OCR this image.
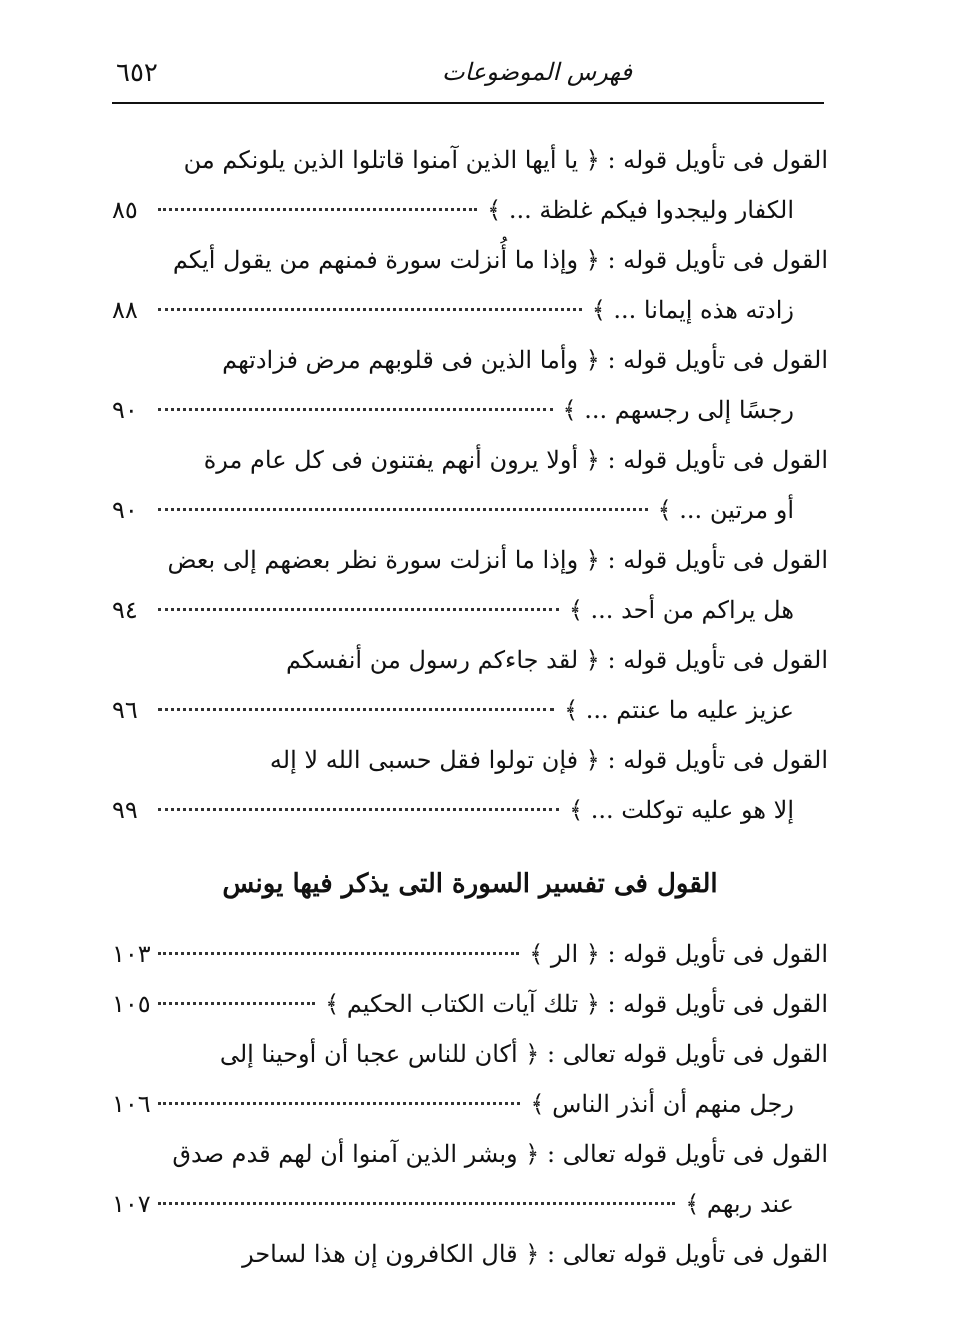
٦٥٢	فهرس الموضوعات
القول فى تأويل قوله : ﴿ يا أيها الذين آمنوا قاتلوا الذين يلونكم من
الكفار وليجدوا فيكم غلظة ... ﴾
٨٥
القول فى تأويل قوله : ﴿ وإذا ما أُنزلت سورة فمنهم من يقول أيكم
زادته هذه إيمانا ... ﴾
٨٨
القول فى تأويل قوله : ﴿ وأما الذين فى قلوبهم مرض فزادتهم
رجسًا إلى رجسهم ... ﴾
٩٠
القول فى تأويل قوله : ﴿ أولا يرون أنهم يفتنون فى كل عام مرة
أو مرتين ... ﴾
٩٠
القول فى تأويل قوله : ﴿ وإذا ما أنزلت سورة نظر بعضهم إلى بعض
هل يراكم من أحد ... ﴾
٩٤
القول فى تأويل قوله : ﴿ لقد جاءكم رسول من أنفسكم
عزيز عليه ما عنتم ... ﴾
٩٦
القول فى تأويل قوله : ﴿ فإن تولوا فقل حسبى الله لا إله
إلا هو عليه توكلت ... ﴾
٩٩
القول فى تفسير السورة التى يذكر فيها يونس
القول فى تأويل قوله : ﴿ الر ﴾
١٠٣
القول فى تأويل قوله : ﴿ تلك آيات الكتاب الحكيم ﴾
١٠٥
القول فى تأويل قوله تعالى : ﴿ أكان للناس عجبا أن أوحينا إلى
رجل منهم أن أنذر الناس ﴾
١٠٦
القول فى تأويل قوله تعالى : ﴿ وبشر الذين آمنوا أن لهم قدم صدق
عند ربهم ﴾
١٠٧
القول فى تأويل قوله تعالى : ﴿ قال الكافرون إن هذا لساحر
